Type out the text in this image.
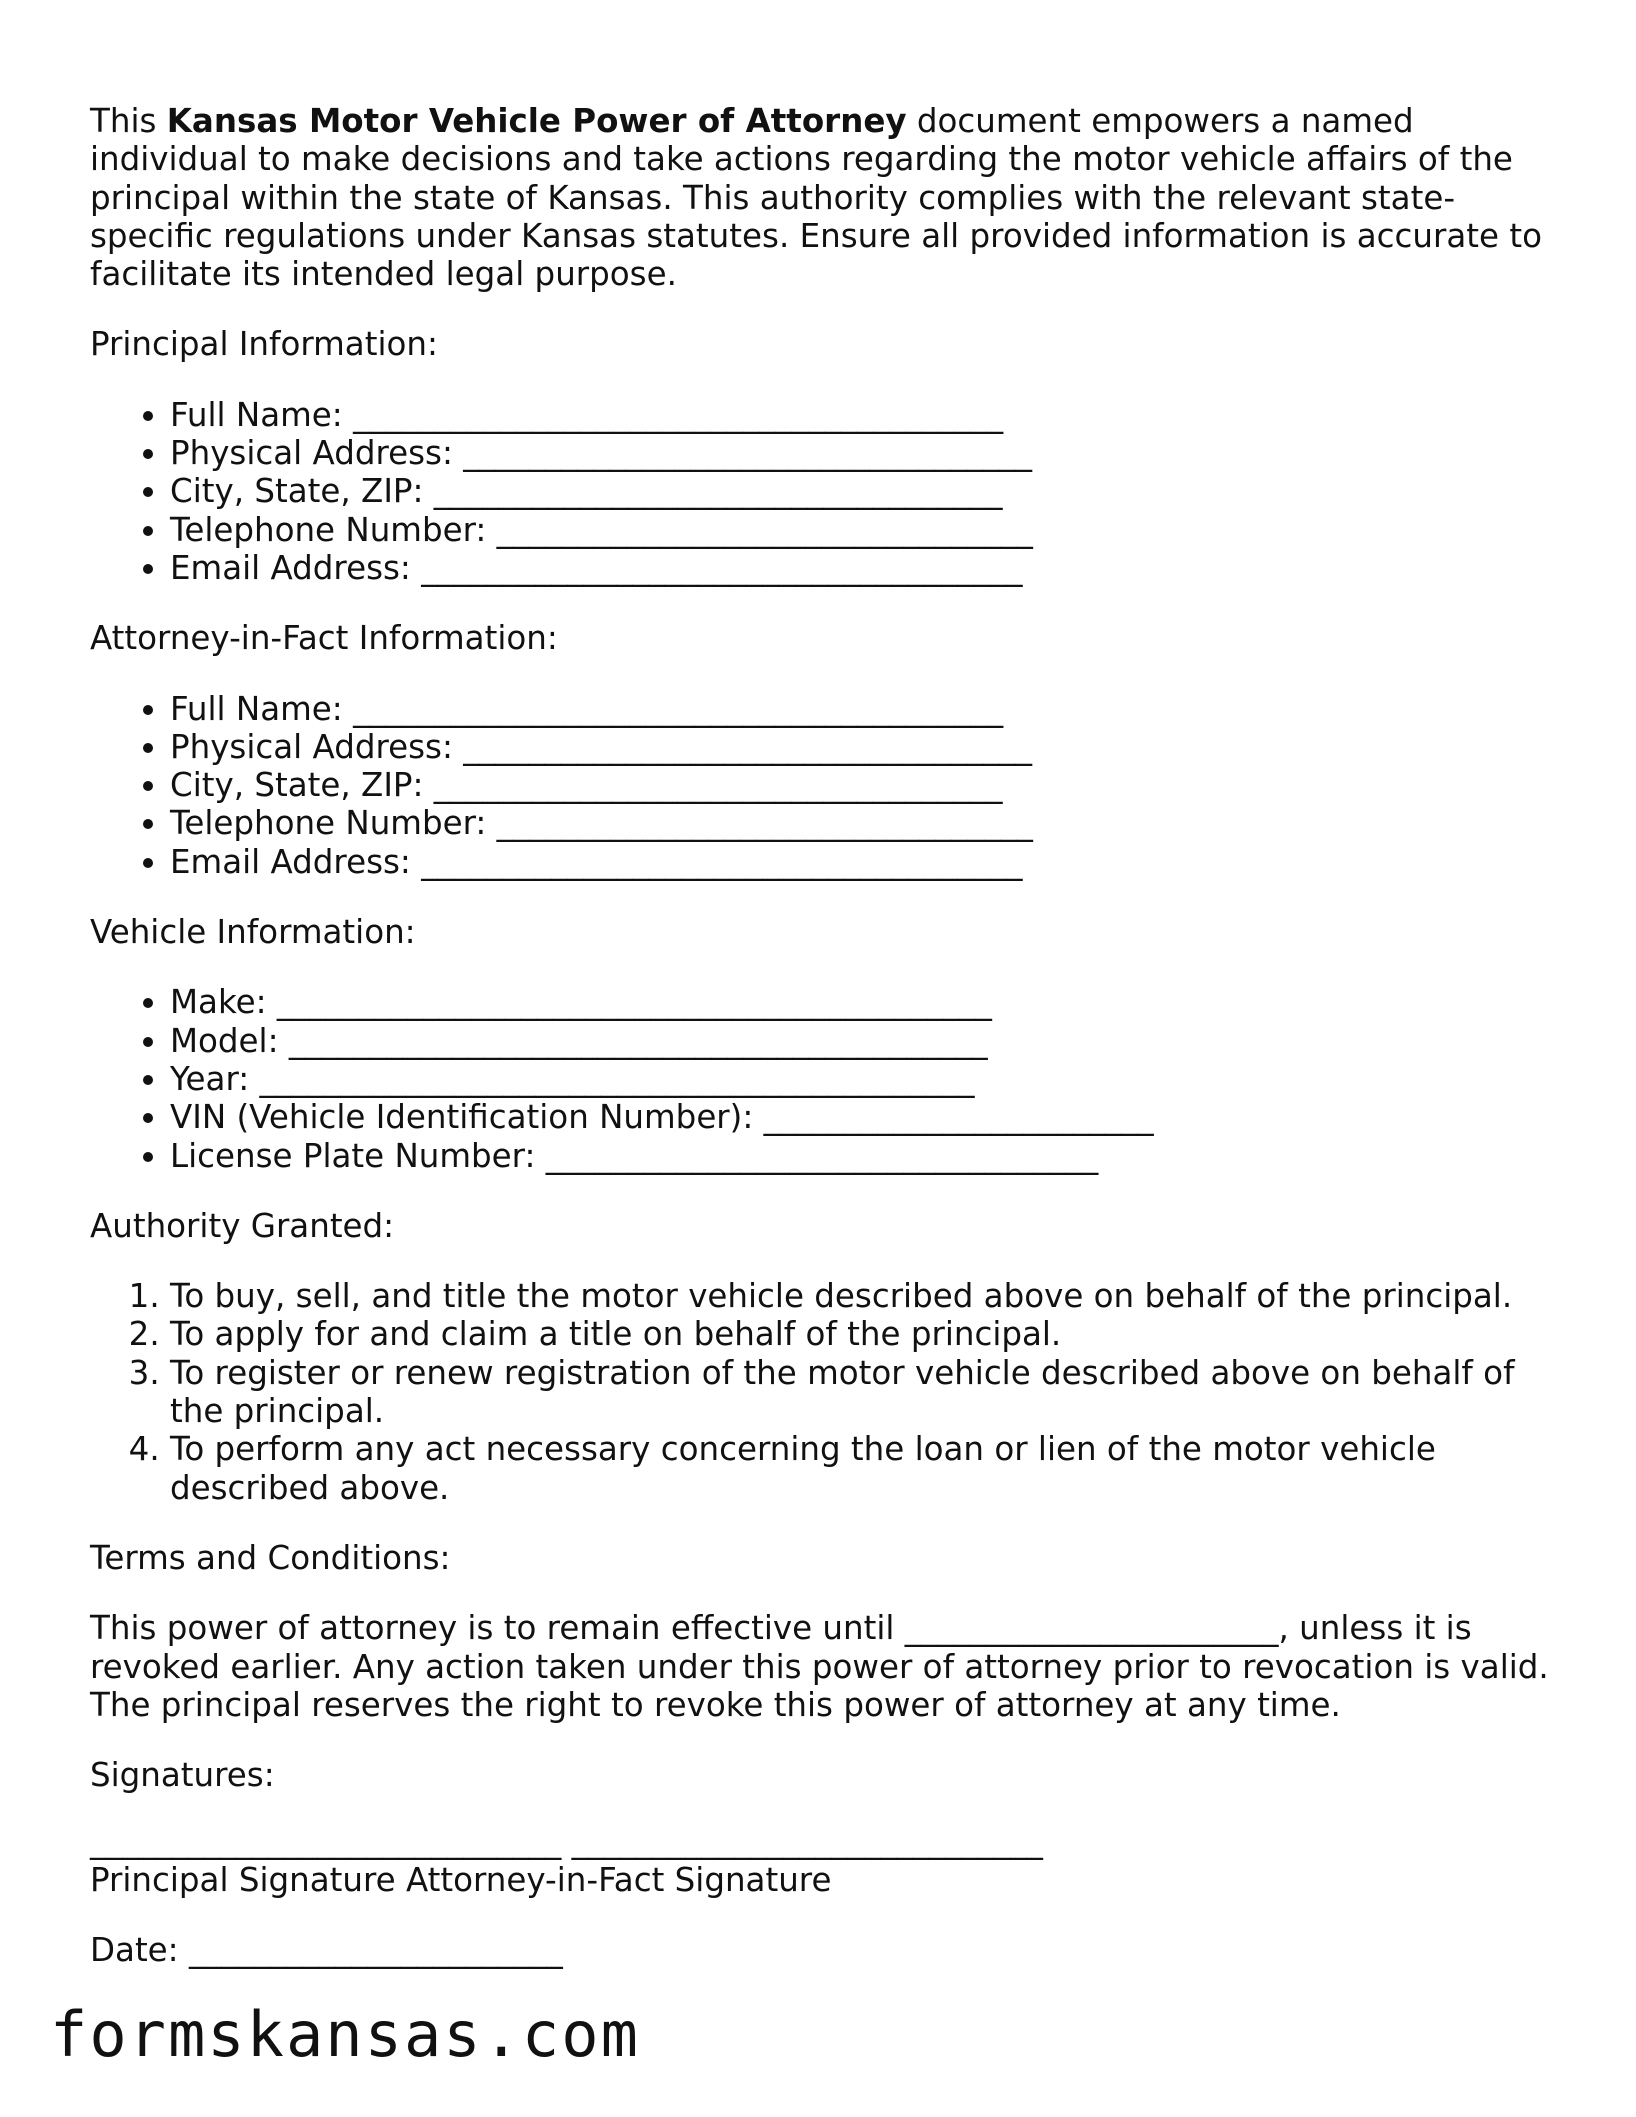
This Kansas Motor Vehicle Power of Attorney document empowers a named individual to make decisions and take actions regarding the motor vehicle affairs of the principal within the state of Kansas. This authority complies with the relevant state-specific regulations under Kansas statutes. Ensure all provided information is accurate to facilitate its intended legal purpose.

Principal Information:

• Full Name: ________________________________________
• Physical Address: ___________________________________
• City, State, ZIP: ___________________________________
• Telephone Number: _________________________________
• Email Address: _____________________________________

Attorney-in-Fact Information:

• Full Name: ________________________________________
• Physical Address: ___________________________________
• City, State, ZIP: ___________________________________
• Telephone Number: _________________________________
• Email Address: _____________________________________

Vehicle Information:

• Make: ____________________________________________
• Model: ___________________________________________
• Year: ____________________________________________
• VIN (Vehicle Identification Number): ________________________
• License Plate Number: __________________________________

Authority Granted:

1. To buy, sell, and title the motor vehicle described above on behalf of the principal.
2. To apply for and claim a title on behalf of the principal.
3. To register or renew registration of the motor vehicle described above on behalf of the principal.
4. To perform any act necessary concerning the loan or lien of the motor vehicle described above.

Terms and Conditions:

This power of attorney is to remain effective until _______________________, unless it is revoked earlier. Any action taken under this power of attorney prior to revocation is valid. The principal reserves the right to revoke this power of attorney at any time.

Signatures:

_____________________________ _____________________________
Principal Signature Attorney-in-Fact Signature
Date: _______________________
formskansas.com
